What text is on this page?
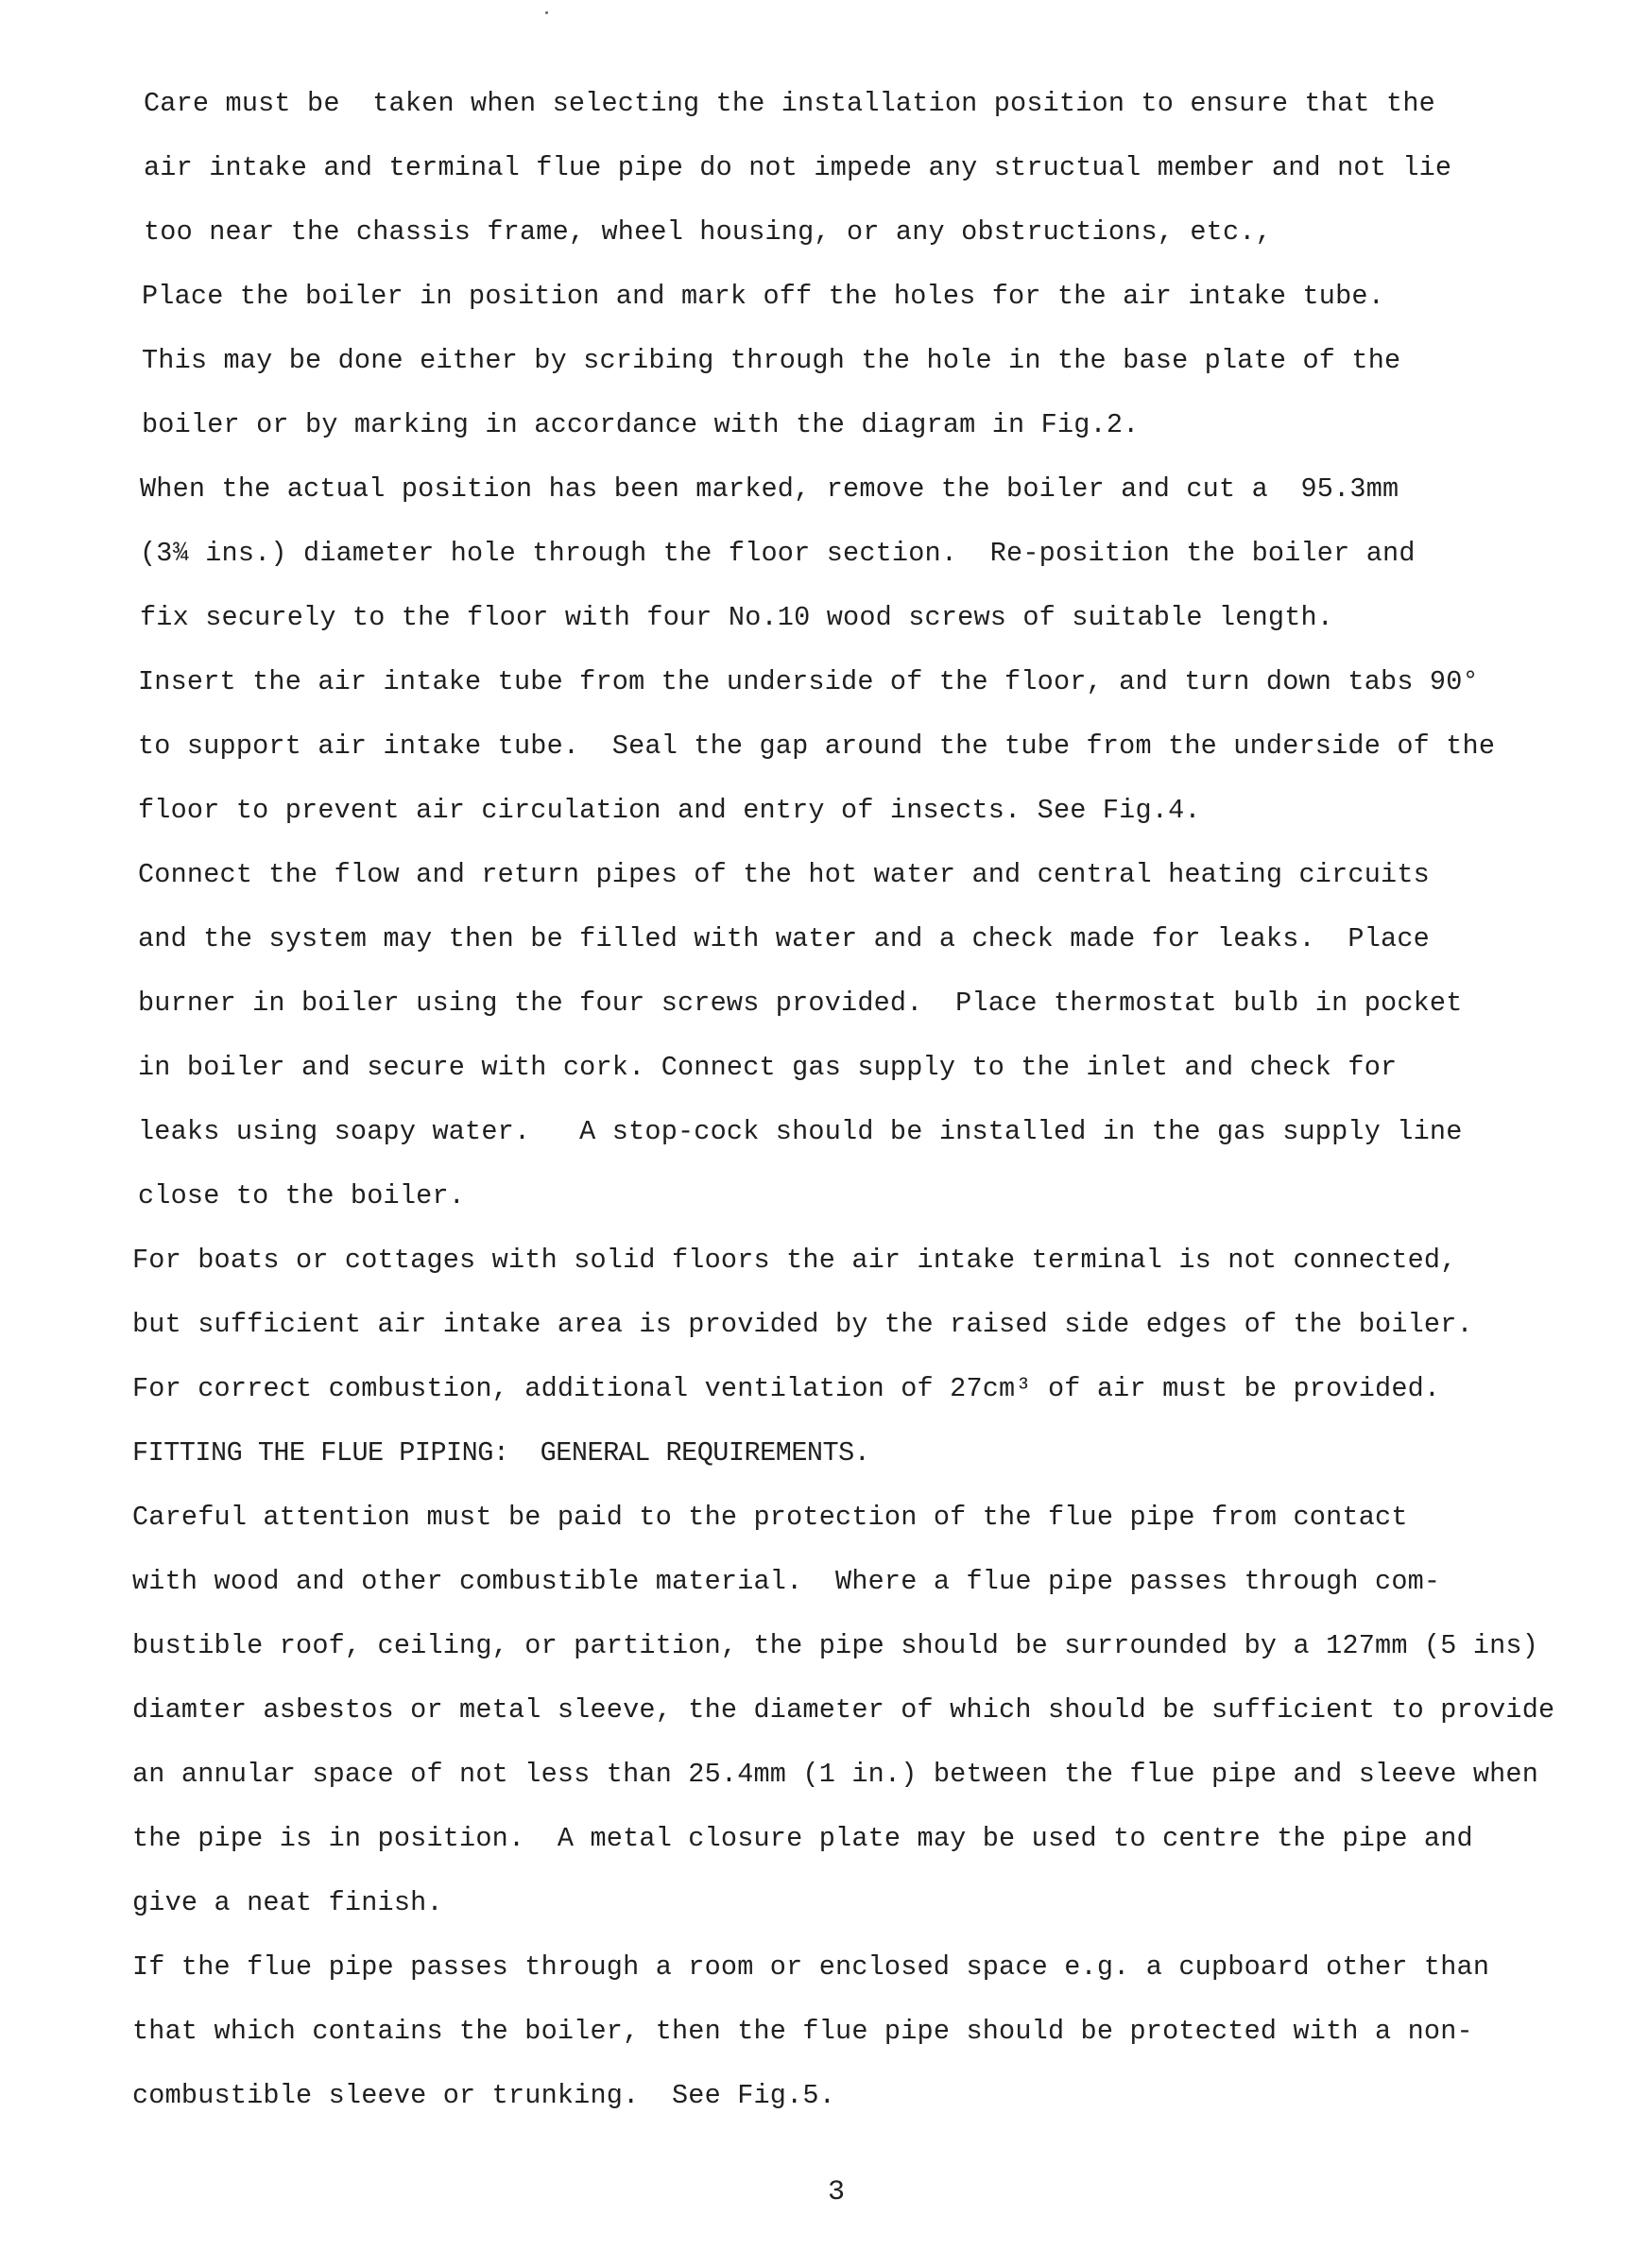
Care must be  taken when selecting the installation position to ensure that the
air intake and terminal flue pipe do not impede any structual member and not lie
too near the chassis frame, wheel housing, or any obstructions, etc.,
Place the boiler in position and mark off the holes for the air intake tube.
This may be done either by scribing through the hole in the base plate of the
boiler or by marking in accordance with the diagram in Fig.2.
When the actual position has been marked, remove the boiler and cut a  95.3mm
(3¾ ins.) diameter hole through the floor section.  Re-position the boiler and
fix securely to the floor with four No.10 wood screws of suitable length.
Insert the air intake tube from the underside of the floor, and turn down tabs 90°
to support air intake tube.  Seal the gap around the tube from the underside of the
floor to prevent air circulation and entry of insects. See Fig.4.
Connect the flow and return pipes of the hot water and central heating circuits
and the system may then be filled with water and a check made for leaks.  Place
burner in boiler using the four screws provided.  Place thermostat bulb in pocket
in boiler and secure with cork. Connect gas supply to the inlet and check for
leaks using soapy water.   A stop-cock should be installed in the gas supply line
close to the boiler.
For boats or cottages with solid floors the air intake terminal is not connected,
but sufficient air intake area is provided by the raised side edges of the boiler.
For correct combustion, additional ventilation of 27cm³ of air must be provided.
FITTING THE FLUE PIPING:  GENERAL REQUIREMENTS.
Careful attention must be paid to the protection of the flue pipe from contact
with wood and other combustible material.  Where a flue pipe passes through com-
bustible roof, ceiling, or partition, the pipe should be surrounded by a 127mm (5 ins)
diamter asbestos or metal sleeve, the diameter of which should be sufficient to provide
an annular space of not less than 25.4mm (1 in.) between the flue pipe and sleeve when
the pipe is in position.  A metal closure plate may be used to centre the pipe and
give a neat finish.
If the flue pipe passes through a room or enclosed space e.g. a cupboard other than
that which contains the boiler, then the flue pipe should be protected with a non-
combustible sleeve or trunking.  See Fig.5.
3
